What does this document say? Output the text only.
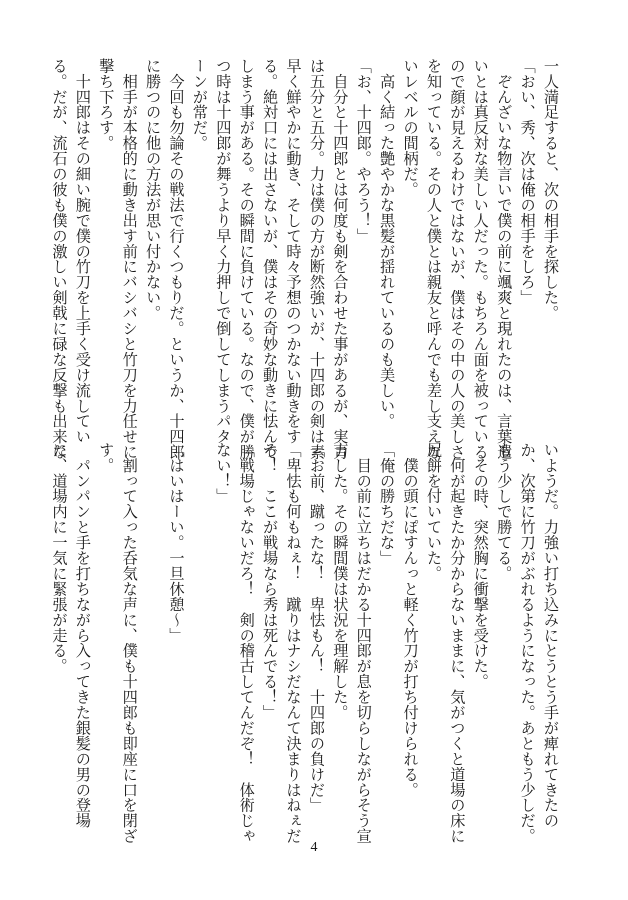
一人満足すると、次の相手を探した。
「おい、秀、次は俺の相手をしろ」
　ぞんざいな物言いで僕の前に颯爽と現れたのは、言葉遣
いとは真反対な美しい人だった。もちろん面を被っている
ので顔が見えるわけではないが、僕はその中の人の美しさ
を知っている。その人と僕とは親友と呼んでも差し支えな
いレベルの間柄だ。
　高く結った艶やかな黒髪が揺れているのも美しい。
「お、十四郎。やろう！」
　自分と十四郎とは何度も剣を合わせた事があるが、実力
は五分と五分。力は僕の方が断然強いが、十四郎の剣は素
早く鮮やかに動き、そして時々予想のつかない動きをす
る。絶対口には出さないが、僕はその奇妙な動きに怯んで
しまう事がある。その瞬間に負けている。なので、僕が勝
つ時は十四郎が舞うより早く力押しで倒してしまうパタ
ーンが常だ。
　今回も勿論その戦法で行くつもりだ。というか、十四郎
に勝つのに他の方法が思い付かない。
　相手が本格的に動き出す前にバシバシと竹刀を力任せに
撃ち下ろす。
　十四郎はその細い腕で僕の竹刀を上手く受け流してい
る。だが、流石の彼も僕の激しい剣戟に碌な反撃も出来な
いようだ。力強い打ち込みにとうとう手が痺れてきたの
か、次第に竹刀がぶれるようになった。あともう少しだ。
もう少しで勝てる。
　その時、突然胸に衝撃を受けた。
　何が起きたか分からないままに、気がつくと道場の床に
尻餅を付いていた。
　僕の頭にぽすんっと軽く竹刀が打ち付けられる。
「俺の勝ちだな」
　目の前に立ちはだかる十四郎が息を切らしながらそう宣
言した。その瞬間僕は状況を理解した。
「お前、蹴ったな！　卑怯もん！　十四郎の負けだ」
「卑怯も何もねぇ！　蹴りはナシだなんて決まりはねぇだ
ろ！　ここが戦場なら秀は死んでる！」
「戦場じゃないだろ！　剣の稽古してんだぞ！　体術じゃ
ない！」

「はいはーい。一旦休憩～」

　割って入った呑気な声に、僕も十四郎も即座に口を閉ざ
す。
　パンパンと手を打ちながら入ってきた銀髪の男の登場
に、道場内に一気に緊張が走る。
4
